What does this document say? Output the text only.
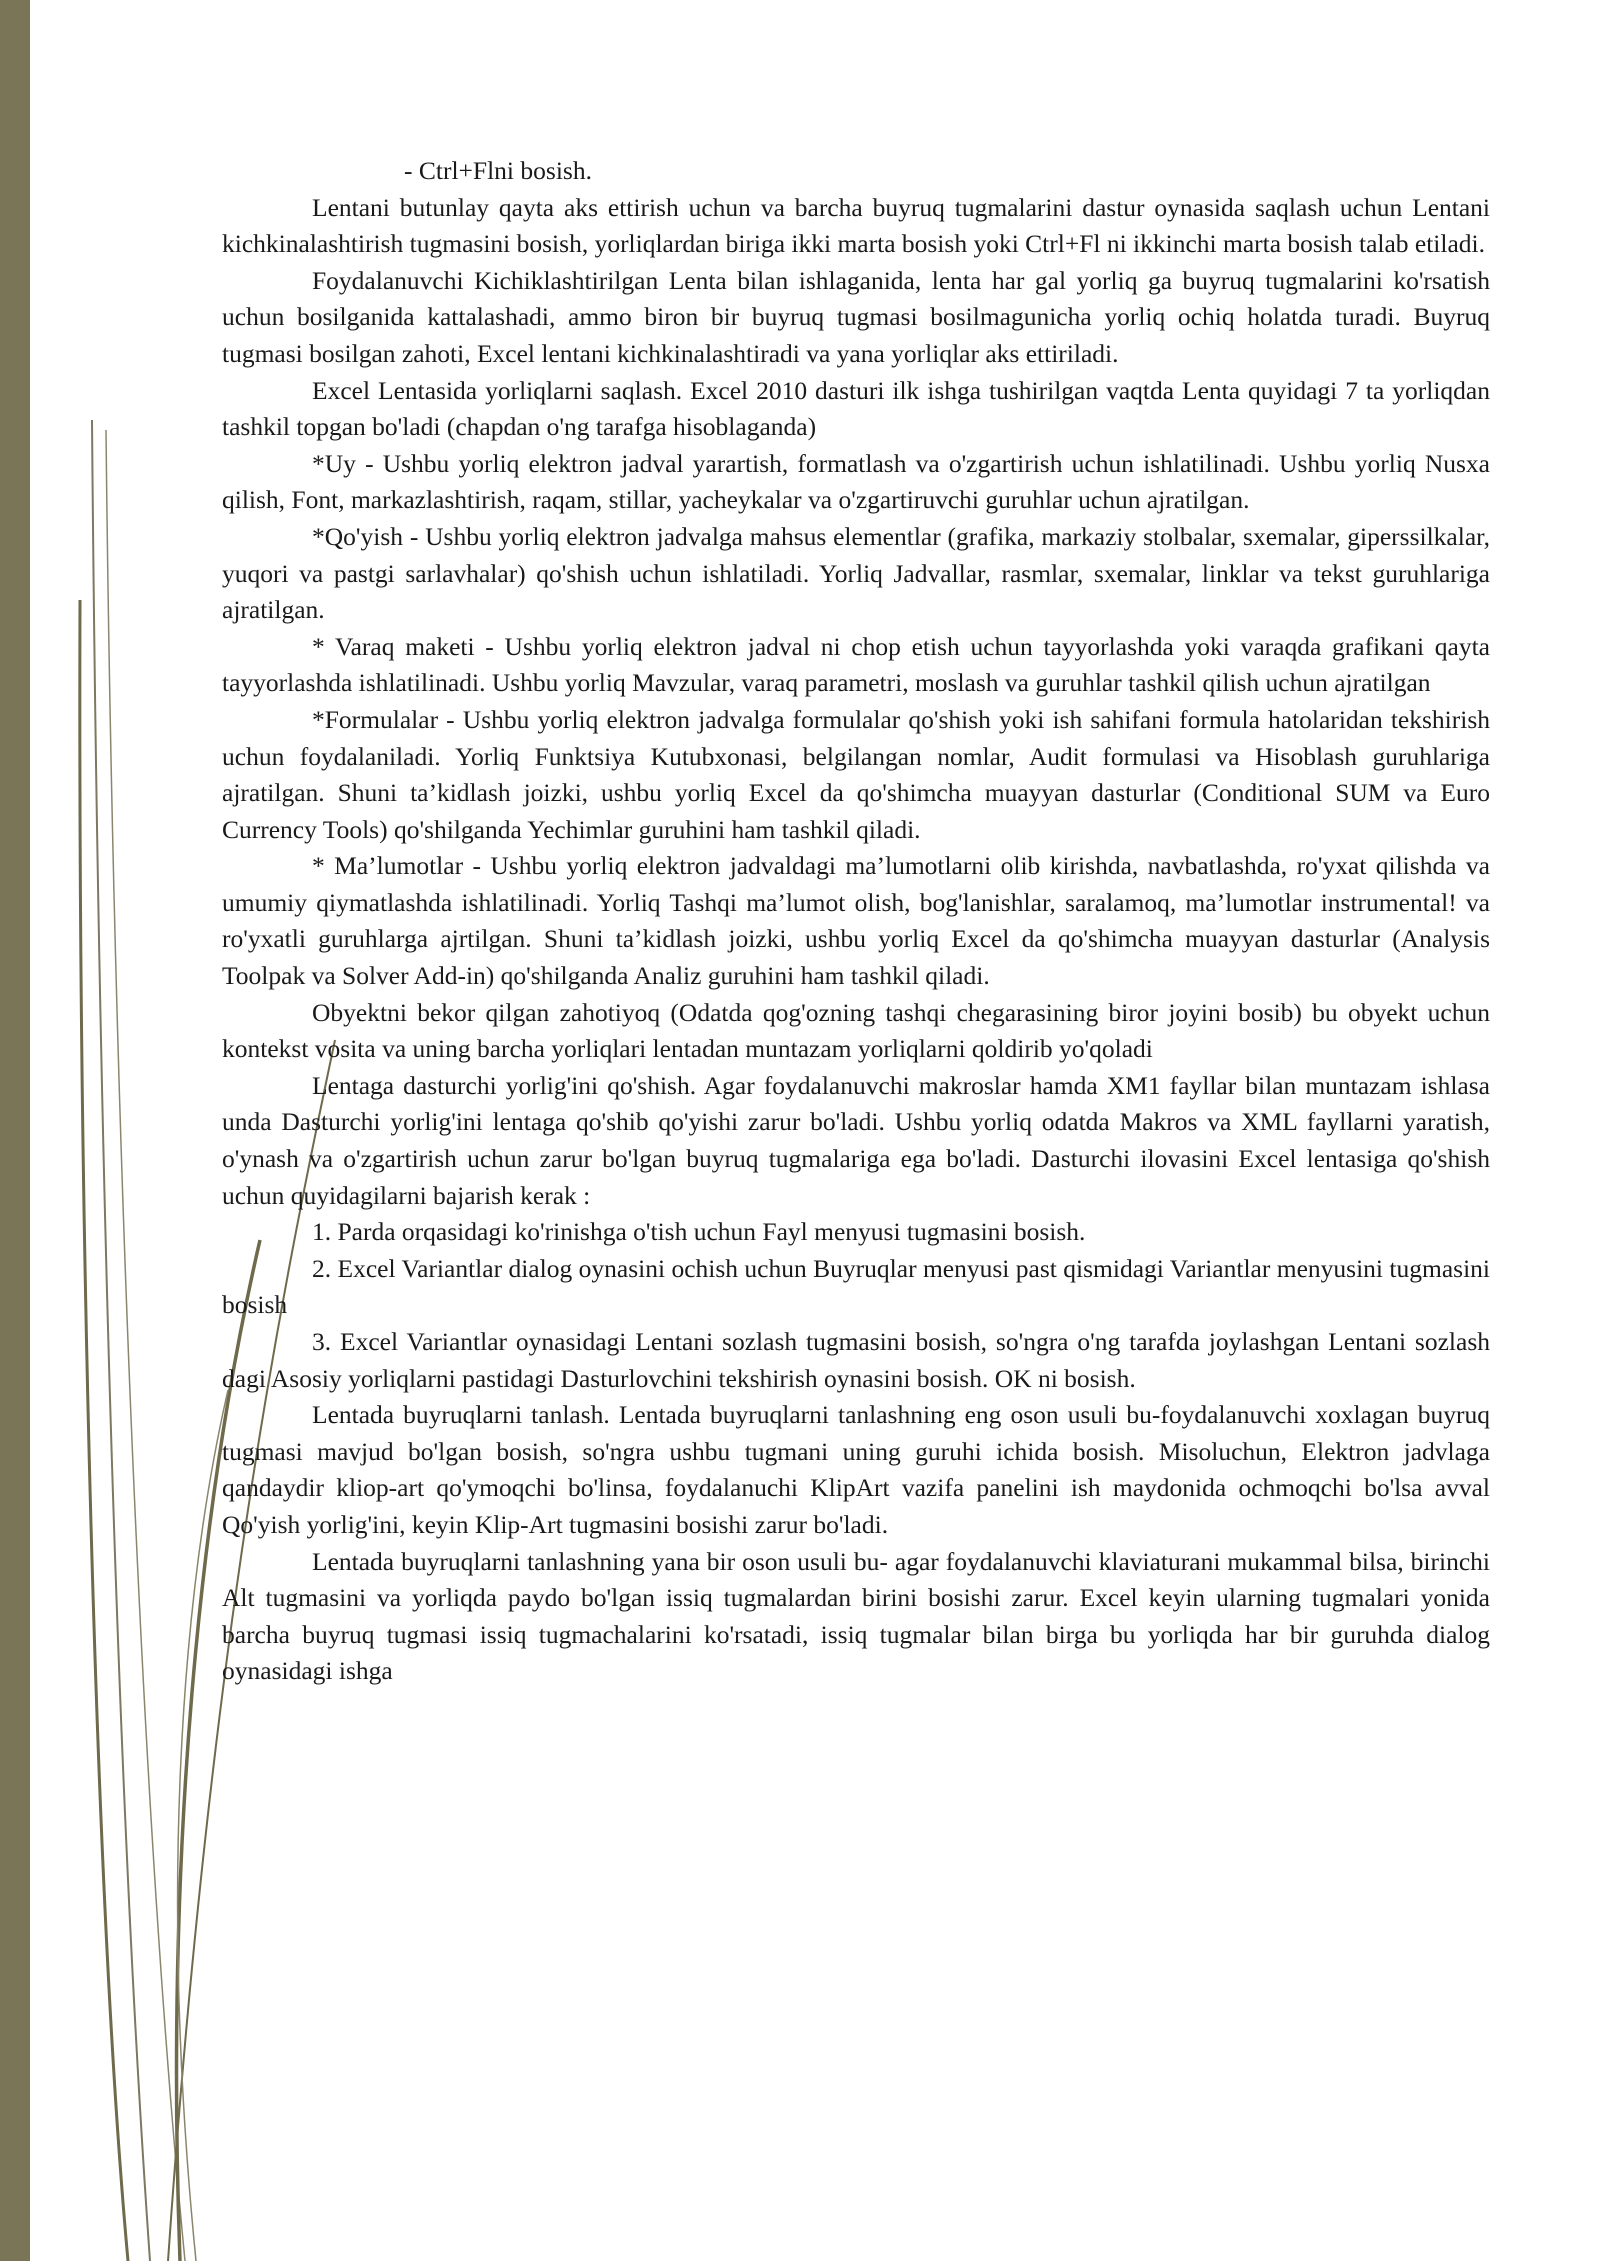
- Ctrl+Flni bosish.

Lentani butunlay qayta aks ettirish uchun va barcha buyruq tugmalarini dastur oynasida saqlash uchun Lentani kichkinalashtirish tugmasini bosish, yorliqlardan biriga ikki marta bosish yoki Ctrl+Fl ni ikkinchi marta bosish talab etiladi.

Foydalanuvchi Kichiklashtirilgan Lenta bilan ishlaganida, lenta har gal yorliq ga buyruq tugmalarini ko'rsatish uchun bosilganida kattalashadi, ammo biron bir buyruq tugmasi bosilmagunicha yorliq ochiq holatda turadi. Buyruq tugmasi bosilgan zahoti, Excel lentani kichkinalashtiradi va yana yorliqlar aks ettiriladi.

Excel Lentasida yorliqlarni saqlash. Excel 2010 dasturi ilk ishga tushirilgan vaqtda Lenta quyidagi 7 ta yorliqdan tashkil topgan bo'ladi (chapdan o'ng tarafga hisoblaganda)

*Uy - Ushbu yorliq elektron jadval yarartish, formatlash va o'zgartirish uchun ishlatilinadi. Ushbu yorliq Nusxa qilish, Font, markazlashtirish, raqam, stillar, yacheykalar va o'zgartiruvchi guruhlar uchun ajratilgan.

*Qo'yish - Ushbu yorliq elektron jadvalga mahsus elementlar (grafika, markaziy stolbalar, sxemalar, giperssilkalar, yuqori va pastgi sarlavhalar) qo'shish uchun ishlatiladi. Yorliq Jadvallar, rasmlar, sxemalar, linklar va tekst guruhlariga ajratilgan.

* Varaq maketi - Ushbu yorliq elektron jadval ni chop etish uchun tayyorlashda yoki varaqda grafikani qayta tayyorlashda ishlatilinadi. Ushbu yorliq Mavzular, varaq parametri, moslash va guruhlar tashkil qilish uchun ajratilgan

*Formulalar - Ushbu yorliq elektron jadvalga formulalar qo'shish yoki ish sahifani formula hatolaridan tekshirish uchun foydalaniladi. Yorliq Funktsiya Kutubxonasi, belgilangan nomlar, Audit formulasi va Hisoblash guruhlariga ajratilgan. Shuni ta’kidlash joizki, ushbu yorliq Excel da qo'shimcha muayyan dasturlar (Conditional SUM va Euro Currency Tools) qo'shilganda Yechimlar guruhini ham tashkil qiladi.

* Ma’lumotlar - Ushbu yorliq elektron jadvaldagi ma’lumotlarni olib kirishda, navbatlashda, ro'yxat qilishda va umumiy qiymatlashda ishlatilinadi. Yorliq Tashqi ma’lumot olish, bog'lanishlar, saralamoq, ma’lumotlar instrumental! va ro'yxatli guruhlarga ajrtilgan. Shuni ta’kidlash joizki, ushbu yorliq Excel da qo'shimcha muayyan dasturlar (Analysis Toolpak va Solver Add-in) qo'shilganda Analiz guruhini ham tashkil qiladi.

Obyektni bekor qilgan zahotiyoq (Odatda qog'ozning tashqi chegarasining biror joyini bosib) bu obyekt uchun kontekst vosita va uning barcha yorliqlari lentadan muntazam yorliqlarni qoldirib yo'qoladi

Lentaga dasturchi yorlig'ini qo'shish. Agar foydalanuvchi makroslar hamda XM1 fayllar bilan muntazam ishlasa unda Dasturchi yorlig'ini lentaga qo'shib qo'yishi zarur bo'ladi. Ushbu yorliq odatda Makros va XML fayllarni yaratish, o'ynash va o'zgartirish uchun zarur bo'lgan buyruq tugmalariga ega bo'ladi. Dasturchi ilovasini Excel lentasiga qo'shish uchun quyidagilarni bajarish kerak :

1. Parda orqasidagi ko'rinishga o'tish uchun Fayl menyusi tugmasini bosish.

2. Excel Variantlar dialog oynasini ochish uchun Buyruqlar menyusi past qismidagi Variantlar menyusini tugmasini bosish

3. Excel Variantlar oynasidagi Lentani sozlash tugmasini bosish, so'ngra o'ng tarafda joylashgan Lentani sozlash dagi Asosiy yorliqlarni pastidagi Dasturlovchini tekshirish oynasini bosish. OK ni bosish.

Lentada buyruqlarni tanlash. Lentada buyruqlarni tanlashning eng oson usuli bu-foydalanuvchi xoxlagan buyruq tugmasi mavjud bo'lgan bosish, so'ngra ushbu tugmani uning guruhi ichida bosish. Misoluchun, Elektron jadvlaga qandaydir kliop-art qo'ymoqchi bo'linsa, foydalanuchi KlipArt vazifa panelini ish maydonida ochmoqchi bo'lsa avval Qo'yish yorlig'ini, keyin Klip-Art tugmasini bosishi zarur bo'ladi.

Lentada buyruqlarni tanlashning yana bir oson usuli bu- agar foydalanuvchi klaviaturani mukammal bilsa, birinchi Alt tugmasini va yorliqda paydo bo'lgan issiq tugmalardan birini bosishi zarur. Excel keyin ularning tugmalari yonida barcha buyruq tugmasi issiq tugmachalarini ko'rsatadi, issiq tugmalar bilan birga bu yorliqda har bir guruhda dialog oynasidagi ishga
